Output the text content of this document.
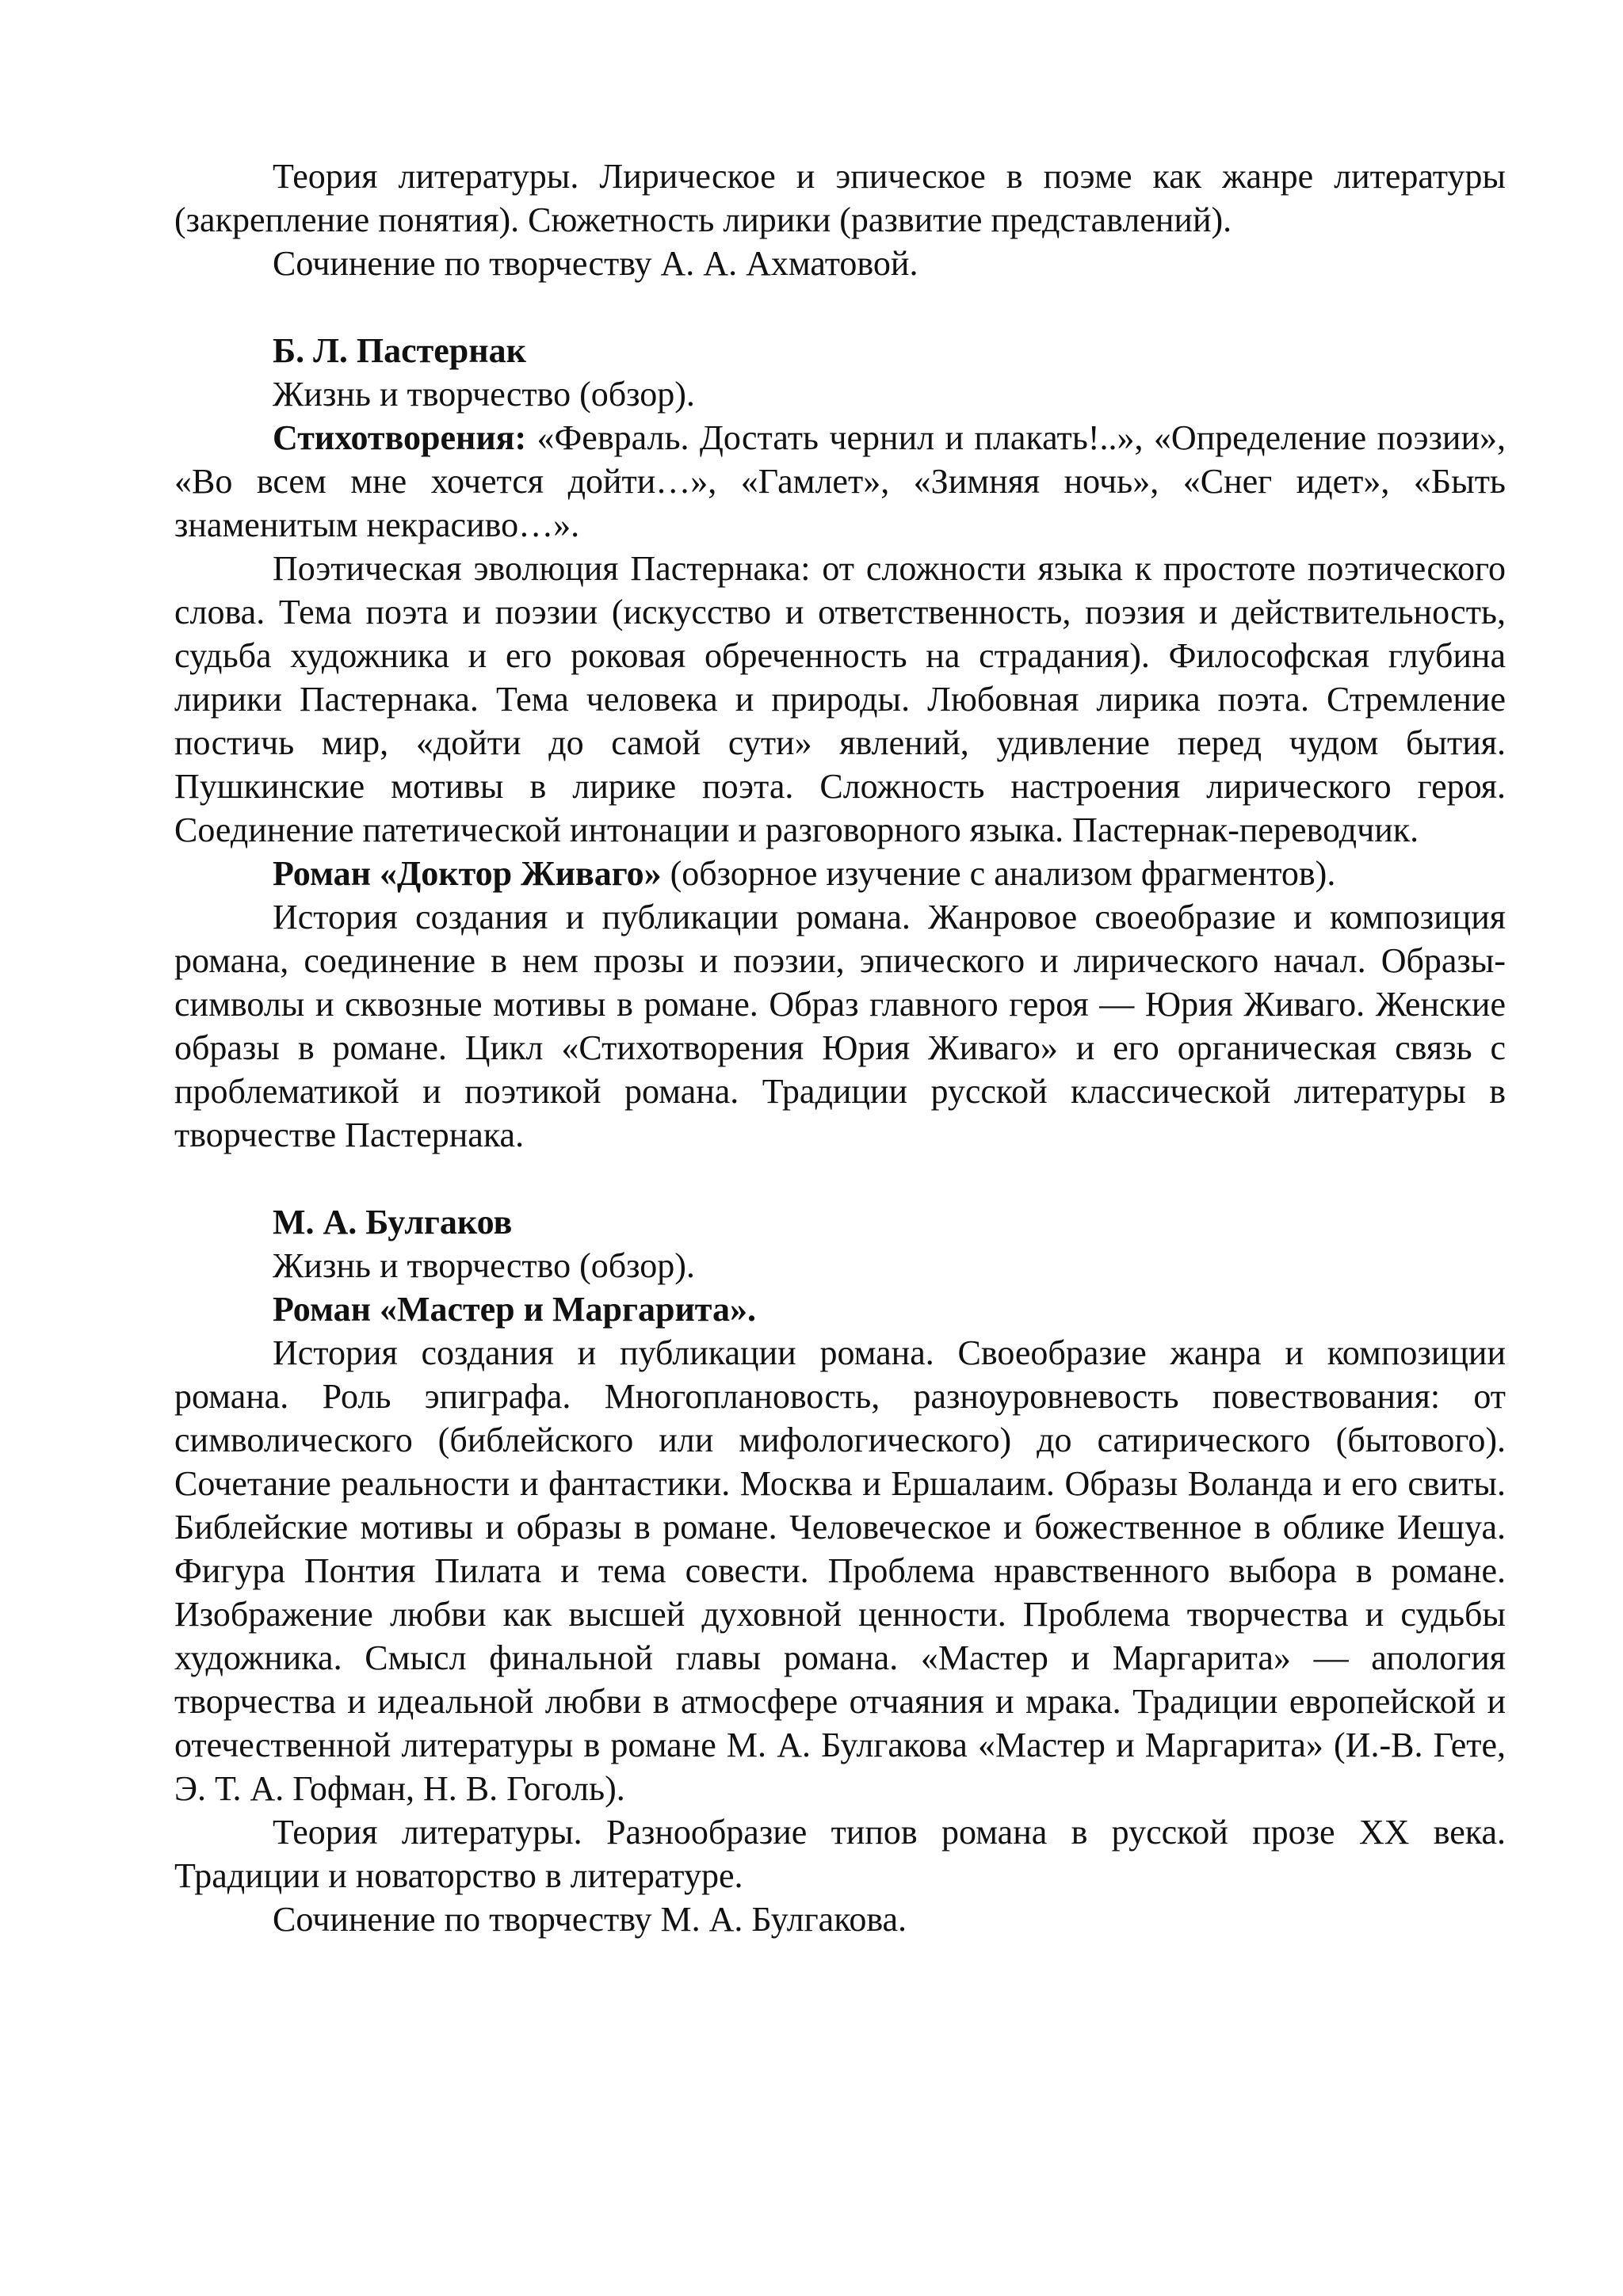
Теория литературы. Лирическое и эпическое в поэме как жанре литературы (закрепление понятия). Сюжетность лирики (развитие представлений).

Сочинение по творчеству А. А. Ахматовой.

Б. Л. Пастернак

Жизнь и творчество (обзор).

Стихотворения: «Февраль. Достать чернил и плакать!..», «Определение поэзии», «Во всем мне хочется дойти…», «Гамлет», «Зимняя ночь», «Снег идет», «Быть знаменитым некрасиво…».

Поэтическая эволюция Пастернака: от сложности языка к простоте поэтического слова. Тема поэта и поэзии (искусство и ответственность, поэзия и действительность, судьба художника и его роковая обреченность на страдания). Философская глубина лирики Пастернака. Тема человека и природы. Любовная лирика поэта. Стремление постичь мир, «дойти до самой сути» явлений, удивление перед чудом бытия. Пушкинские мотивы в лирике поэта. Сложность настроения лирического героя. Соединение патетической интонации и разговорного языка. Пастернак-переводчик.

Роман «Доктор Живаго» (обзорное изучение с анализом фрагментов).

История создания и публикации романа. Жанровое своеобразие и композиция романа, соединение в нем прозы и поэзии, эпического и лирического начал. Образы-символы и сквозные мотивы в романе. Образ главного героя — Юрия Живаго. Женские образы в романе. Цикл «Стихотворения Юрия Живаго» и его органическая связь с проблематикой и поэтикой романа. Традиции русской классической литературы в творчестве Пастернака.

М. А. Булгаков

Жизнь и творчество (обзор).

Роман «Мастер и Маргарита».

История создания и публикации романа. Своеобразие жанра и композиции романа. Роль эпиграфа. Многоплановость, разноуровневость повествования: от символического (библейского или мифологического) до сатирического (бытового). Сочетание реальности и фантастики. Москва и Ершалаим. Образы Воланда и его свиты. Библейские мотивы и образы в романе. Человеческое и божественное в облике Иешуа. Фигура Понтия Пилата и тема совести. Проблема нравственного выбора в романе. Изображение любви как высшей духовной ценности. Проблема творчества и судьбы художника. Смысл финальной главы романа. «Мастер и Маргарита» — апология творчества и идеальной любви в атмосфере отчаяния и мрака. Традиции европейской и отечественной литературы в романе М. А. Булгакова «Мастер и Маргарита» (И.-В. Гете, Э. Т. А. Гофман, Н. В. Гоголь).

Теория литературы. Разнообразие типов романа в русской прозе XX века. Традиции и новаторство в литературе.

Сочинение по творчеству М. А. Булгакова.
